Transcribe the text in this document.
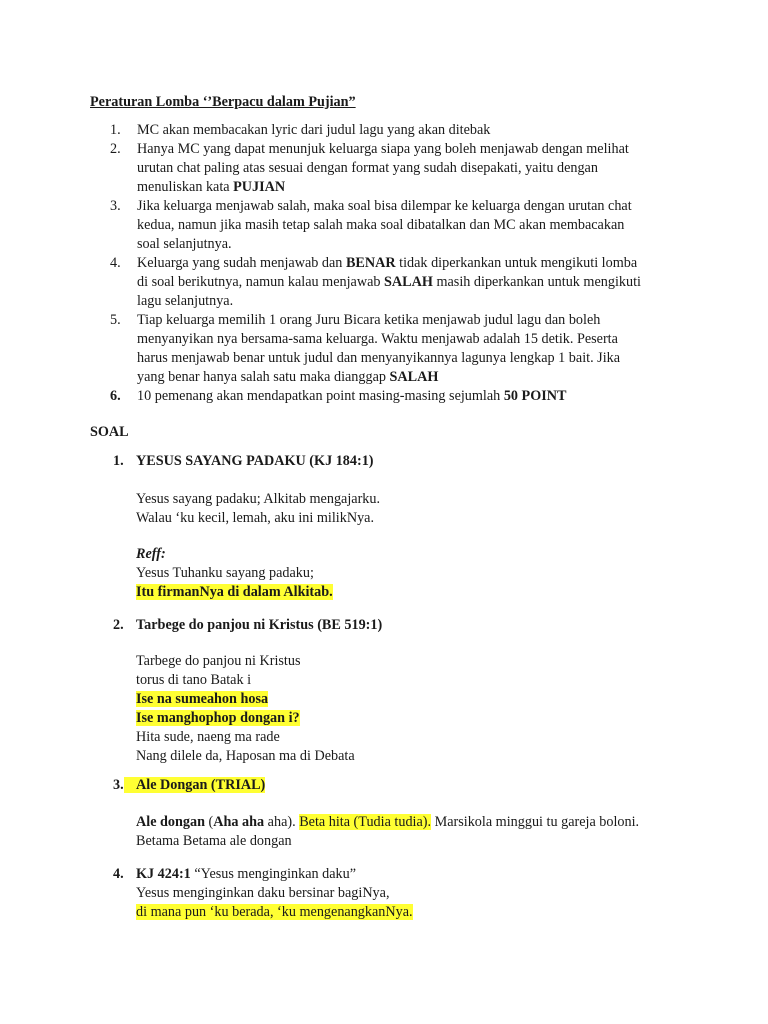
Peraturan Lomba ‘’Berpacu dalam Pujian”
1.	MC akan membacakan lyric dari judul lagu yang akan ditebak
2.	Hanya MC yang dapat menunjuk keluarga siapa yang boleh menjawab dengan melihat
urutan chat paling atas sesuai dengan format yang sudah disepakati, yaitu dengan
menuliskan kata PUJIAN
3.	Jika keluarga menjawab salah, maka soal bisa dilempar ke keluarga dengan urutan chat
kedua, namun jika masih tetap salah maka soal dibatalkan dan MC akan membacakan
soal selanjutnya.
4.	Keluarga yang sudah menjawab dan BENAR tidak diperkankan untuk mengikuti lomba
di soal berikutnya, namun kalau menjawab SALAH masih diperkankan untuk mengikuti
lagu selanjutnya.
5.	Tiap keluarga memilih 1 orang Juru Bicara ketika menjawab judul lagu dan boleh
menyanyikan nya bersama-sama keluarga. Waktu menjawab adalah 15 detik. Peserta
harus menjawab benar untuk judul dan menyanyikannya lagunya lengkap 1 bait. Jika
yang benar hanya salah satu maka dianggap SALAH
6.	10 pemenang akan mendapatkan point masing-masing sejumlah 50 POINT
SOAL
1. YESUS SAYANG PADAKU (KJ 184:1)
Yesus sayang padaku; Alkitab mengajarku.
Walau ‘ku kecil, lemah, aku ini milikNya.
Reff:
Yesus Tuhanku sayang padaku;
Itu firmanNya di dalam Alkitab.
2. Tarbege do panjou ni Kristus (BE 519:1)
Tarbege do panjou ni Kristus
torus di tano Batak i
Ise na sumeahon hosa
Ise manghophop dongan i?
Hita sude, naeng ma rade
Nang dilele da, Haposan ma di Debata
3. Ale Dongan (TRIAL)
Ale dongan (Aha aha aha). Beta hita (Tudia tudia). Marsikola minggui tu gareja boloni.
Betama Betama ale dongan
4. KJ 424:1 “Yesus menginginkan daku”
Yesus menginginkan daku bersinar bagiNya,
di mana pun ‘ku berada, ‘ku mengenangkanNya.
